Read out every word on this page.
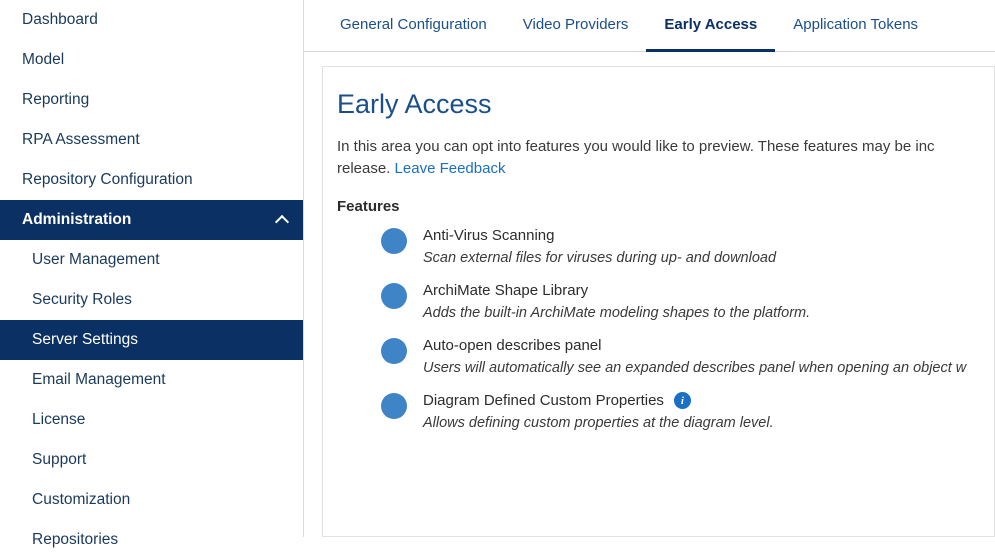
Dashboard
Model
Reporting
RPA Assessment
Repository Configuration
Administration
User Management
Security Roles
Server Settings
Email Management
License
Support
Customization
Repositories
General Configuration Video Providers Early Access Application Tokens
Early Access
In this area you can opt into features you would like to preview. These features may be inc
release. Leave Feedback
Features
Anti-Virus Scanning
Scan external files for viruses during up- and download
ArchiMate Shape Library
Adds the built-in ArchiMate modeling shapes to the platform.
Auto-open describes panel
Users will automatically see an expanded describes panel when opening an object w
Diagram Defined Custom Properties	i
Allows defining custom properties at the diagram level.
